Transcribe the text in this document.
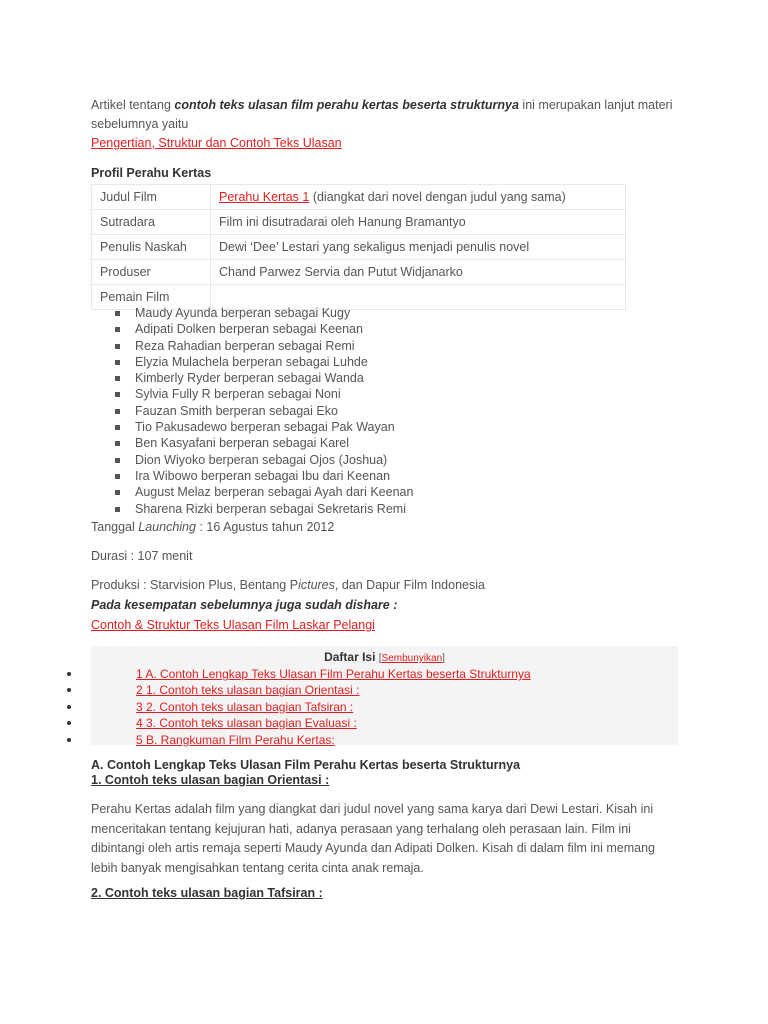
Artikel tentang contoh teks ulasan film perahu kertas beserta strukturnya ini merupakan lanjut materi sebelumnya yaitu
Pengertian, Struktur dan Contoh Teks Ulasan
Profil Perahu Kertas
Judul Film	Perahu Kertas 1 (diangkat dari novel dengan judul yang sama)
Sutradara	Film ini disutradarai oleh Hanung Bramantyo
Penulis Naskah	Dewi ‘Dee’ Lestari yang sekaligus menjadi penulis novel
Produser	Chand Parwez Servia dan Putut Widjanarko
Pemain Film	
Maudy Ayunda berperan sebagai Kugy
Adipati Dolken berperan sebagai Keenan
Reza Rahadian berperan sebagai Remi
Elyzia Mulachela berperan sebagai Luhde
Kimberly Ryder berperan sebagai Wanda
Sylvia Fully R berperan sebagai Noni
Fauzan Smith berperan sebagai Eko
Tio Pakusadewo berperan sebagai Pak Wayan
Ben Kasyafani berperan sebagai Karel
Dion Wiyoko berperan sebagai Ojos (Joshua)
Ira Wibowo berperan sebagai Ibu dari Keenan
August Melaz berperan sebagai Ayah dari Keenan
Sharena Rizki berperan sebagai Sekretaris Remi
Tanggal Launching : 16 Agustus tahun 2012
Durasi : 107 menit
Produksi : Starvision Plus, Bentang Pictures, dan Dapur Film Indonesia
Pada kesempatan sebelumnya juga sudah dishare :
Contoh & Struktur Teks Ulasan Film Laskar Pelangi
Daftar Isi [Sembunyikan]
1 A. Contoh Lengkap Teks Ulasan Film Perahu Kertas beserta Strukturnya
2 1. Contoh teks ulasan bagian Orientasi :
3 2. Contoh teks ulasan bagian Tafsiran :
4 3. Contoh teks ulasan bagian Evaluasi :
5 B. Rangkuman Film Perahu Kertas:
A. Contoh Lengkap Teks Ulasan Film Perahu Kertas beserta Strukturnya
1. Contoh teks ulasan bagian Orientasi :
Perahu Kertas adalah film yang diangkat dari judul novel yang sama karya dari Dewi Lestari. Kisah ini menceritakan tentang kejujuran hati, adanya perasaan yang terhalang oleh perasaan lain. Film ini dibintangi oleh artis remaja seperti Maudy Ayunda dan Adipati Dolken. Kisah di dalam film ini memang lebih banyak mengisahkan tentang cerita cinta anak remaja.
2. Contoh teks ulasan bagian Tafsiran :
